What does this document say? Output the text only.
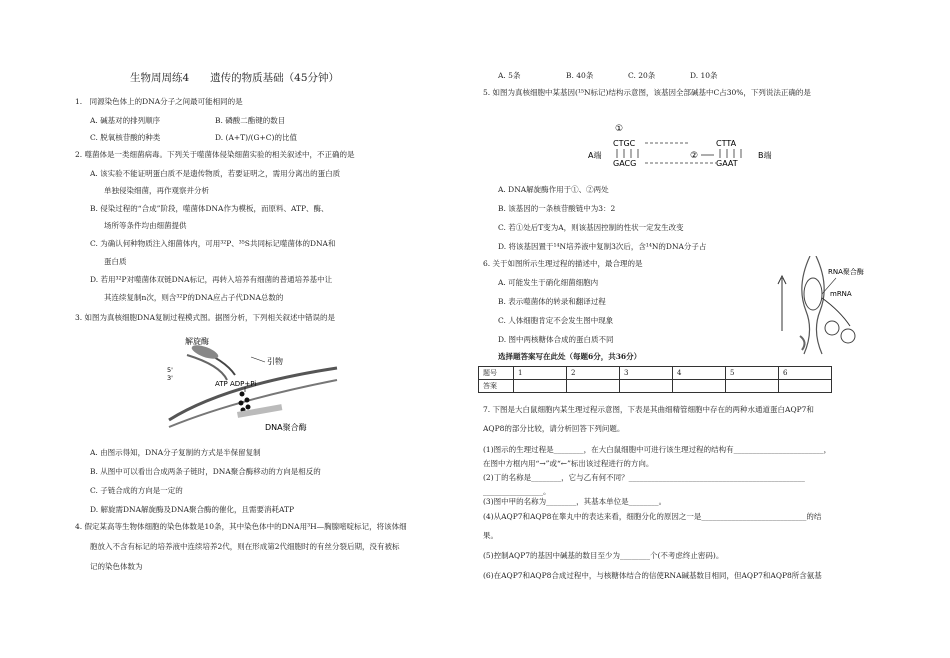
生物周周练4　　遗传的物质基础（45分钟）
1.　同源染色体上的DNA分子之间最可能相同的是
A. 碱基对的排列顺序	B. 磷酸二酯键的数目
C. 脱氧核苷酸的种类	D. (A+T)/(G+C)的比值
2. 噬菌体是一类细菌病毒。下列关于噬菌体侵染细菌实验的相关叙述中，不正确的是
A. 该实验不能证明蛋白质不是遗传物质，若要证明之，需用分离出的蛋白质
单独侵染细菌，再作观察并分析
B. 侵染过程的“合成”阶段，噬菌体DNA作为模板，而原料、ATP、酶、
场所等条件均由细菌提供
C. 为确认何种物质注入细菌体内，可用³²P、³⁵S共同标记噬菌体的DNA和
蛋白质
D. 若用³²P对噬菌体双链DNA标记，再转入培养有细菌的普通培养基中让
其连续复制n次，则含³²P的DNA应占子代DNA总数的
3. 如图为真核细胞DNA复制过程模式图。据图分析，下列相关叙述中错误的是
解旋酶
引物
5'
3'
ATP ADP+Pi
DNA聚合酶
A. 由图示得知，DNA分子复制的方式是半保留复制
B. 从图中可以看出合成两条子链时，DNA聚合酶移动的方向是相反的
C. 子链合成的方向是一定的
D. 解旋需DNA解旋酶及DNA聚合酶的催化，且需要消耗ATP
4. 假定某高等生物体细胞的染色体数是10条，其中染色体中的DNA用³H—胸腺嘧啶标记，将该体细
胞放入不含有标记的培养液中连续培养2代，则在形成第2代细胞时的有丝分裂后期，没有被标
记的染色体数为
A. 5条	B. 40条	C. 20条	D. 10条
5. 如图为真核细胞中某基因(¹⁵N标记)结构示意图，该基因全部碱基中C占30%，下列说法正确的是
①
CTGC
GACG
②
CTTA
GAAT
A端	B端
A. DNA解旋酶作用于①、②两处
B. 该基因的一条核苷酸链中为3：2
C. 若①处后T变为A，则该基因控制的性状一定发生改变
D. 将该基因置于¹⁴N培养液中复制3次后，含¹⁴N的DNA分子占
6. 关于如图所示生理过程的描述中，最合理的是
A. 可能发生于硝化细菌细胞内
B. 表示噬菌体的转录和翻译过程
C. 人体细胞肯定不会发生图中现象
D. 图中两核糖体合成的蛋白质不同
RNA聚合酶
mRNA
选择题答案写在此处（每题6分，共36分）
题号	1	2	3	4	5	6
答案						
7. 下图是大白鼠细胞内某生理过程示意图，下表是其曲细精管细胞中存在的两种水通道蛋白AQP7和
AQP8的部分比较，请分析回答下列问题。
(1)图示的生理过程是________，在大白鼠细胞中可进行该生理过程的结构有________________________，
在图中方框内用“→”或“←”标出该过程进行的方向。
(2)丁的名称是________，它与乙有何不同？_______________________________________________
________________。
(3)图中甲的名称为________，其基本单位是________。
(4)从AQP7和AQP8在睾丸中的表达来看，细胞分化的原因之一是____________________________的结
果。
(5)控制AQP7的基因中碱基的数目至少为________个(不考虑终止密码)。
(6)在AQP7和AQP8合成过程中，与核糖体结合的信使RNA碱基数目相同，但AQP7和AQP8所含氨基
